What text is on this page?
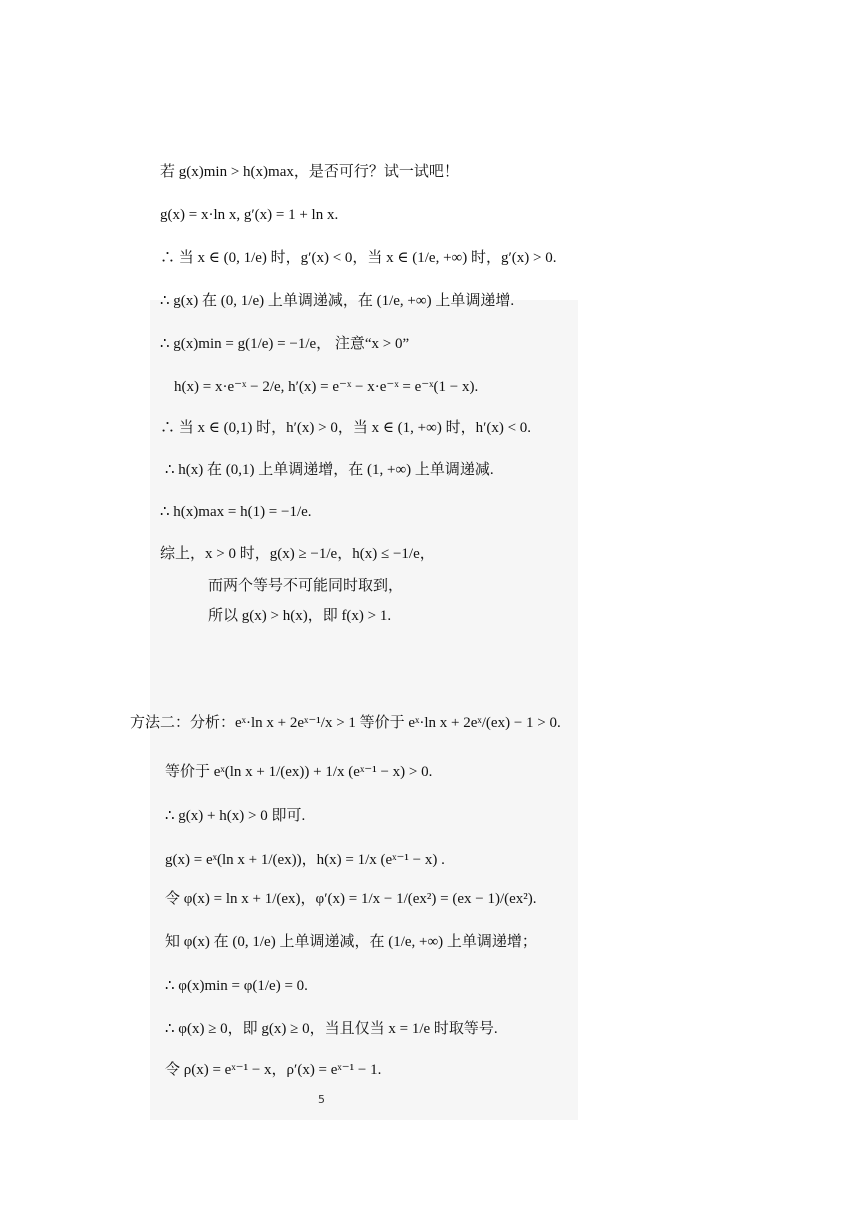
若 g(x)min > h(x)max，是否可行？试一试吧！
g(x) = x·ln x, g′(x) = 1 + ln x.
∴ 当 x ∈ (0, 1/e) 时，g′(x) < 0，当 x ∈ (1/e, +∞) 时，g′(x) > 0.
∴ g(x) 在 (0, 1/e) 上单调递减，在 (1/e, +∞) 上单调递增.
∴ g(x)min = g(1/e) = −1/e， 注意“x > 0”
h(x) = x·e⁻ˣ − 2/e, h′(x) = e⁻ˣ − x·e⁻ˣ = e⁻ˣ(1 − x).
∴ 当 x ∈ (0,1) 时，h′(x) > 0，当 x ∈ (1, +∞) 时，h′(x) < 0.
∴ h(x) 在 (0,1) 上单调递增，在 (1, +∞) 上单调递减.
∴ h(x)max = h(1) = −1/e.
综上，x > 0 时，g(x) ≥ −1/e，h(x) ≤ −1/e，
而两个等号不可能同时取到，
所以 g(x) > h(x)，即 f(x) > 1.
方法二：分析：eˣ·ln x + 2eˣ⁻¹/x > 1 等价于 eˣ·ln x + 2eˣ/(ex) − 1 > 0.
等价于 eˣ(ln x + 1/(ex)) + 1/x (eˣ⁻¹ − x) > 0.
∴ g(x) + h(x) > 0 即可.
g(x) = eˣ(ln x + 1/(ex))，h(x) = 1/x (eˣ⁻¹ − x) .
令 φ(x) = ln x + 1/(ex)，φ′(x) = 1/x − 1/(ex²) = (ex − 1)/(ex²).
知 φ(x) 在 (0, 1/e) 上单调递减，在 (1/e, +∞) 上单调递增；
∴ φ(x)min = φ(1/e) = 0.
∴ φ(x) ≥ 0，即 g(x) ≥ 0，当且仅当 x = 1/e 时取等号.
令 ρ(x) = eˣ⁻¹ − x，ρ′(x) = eˣ⁻¹ − 1.
5
